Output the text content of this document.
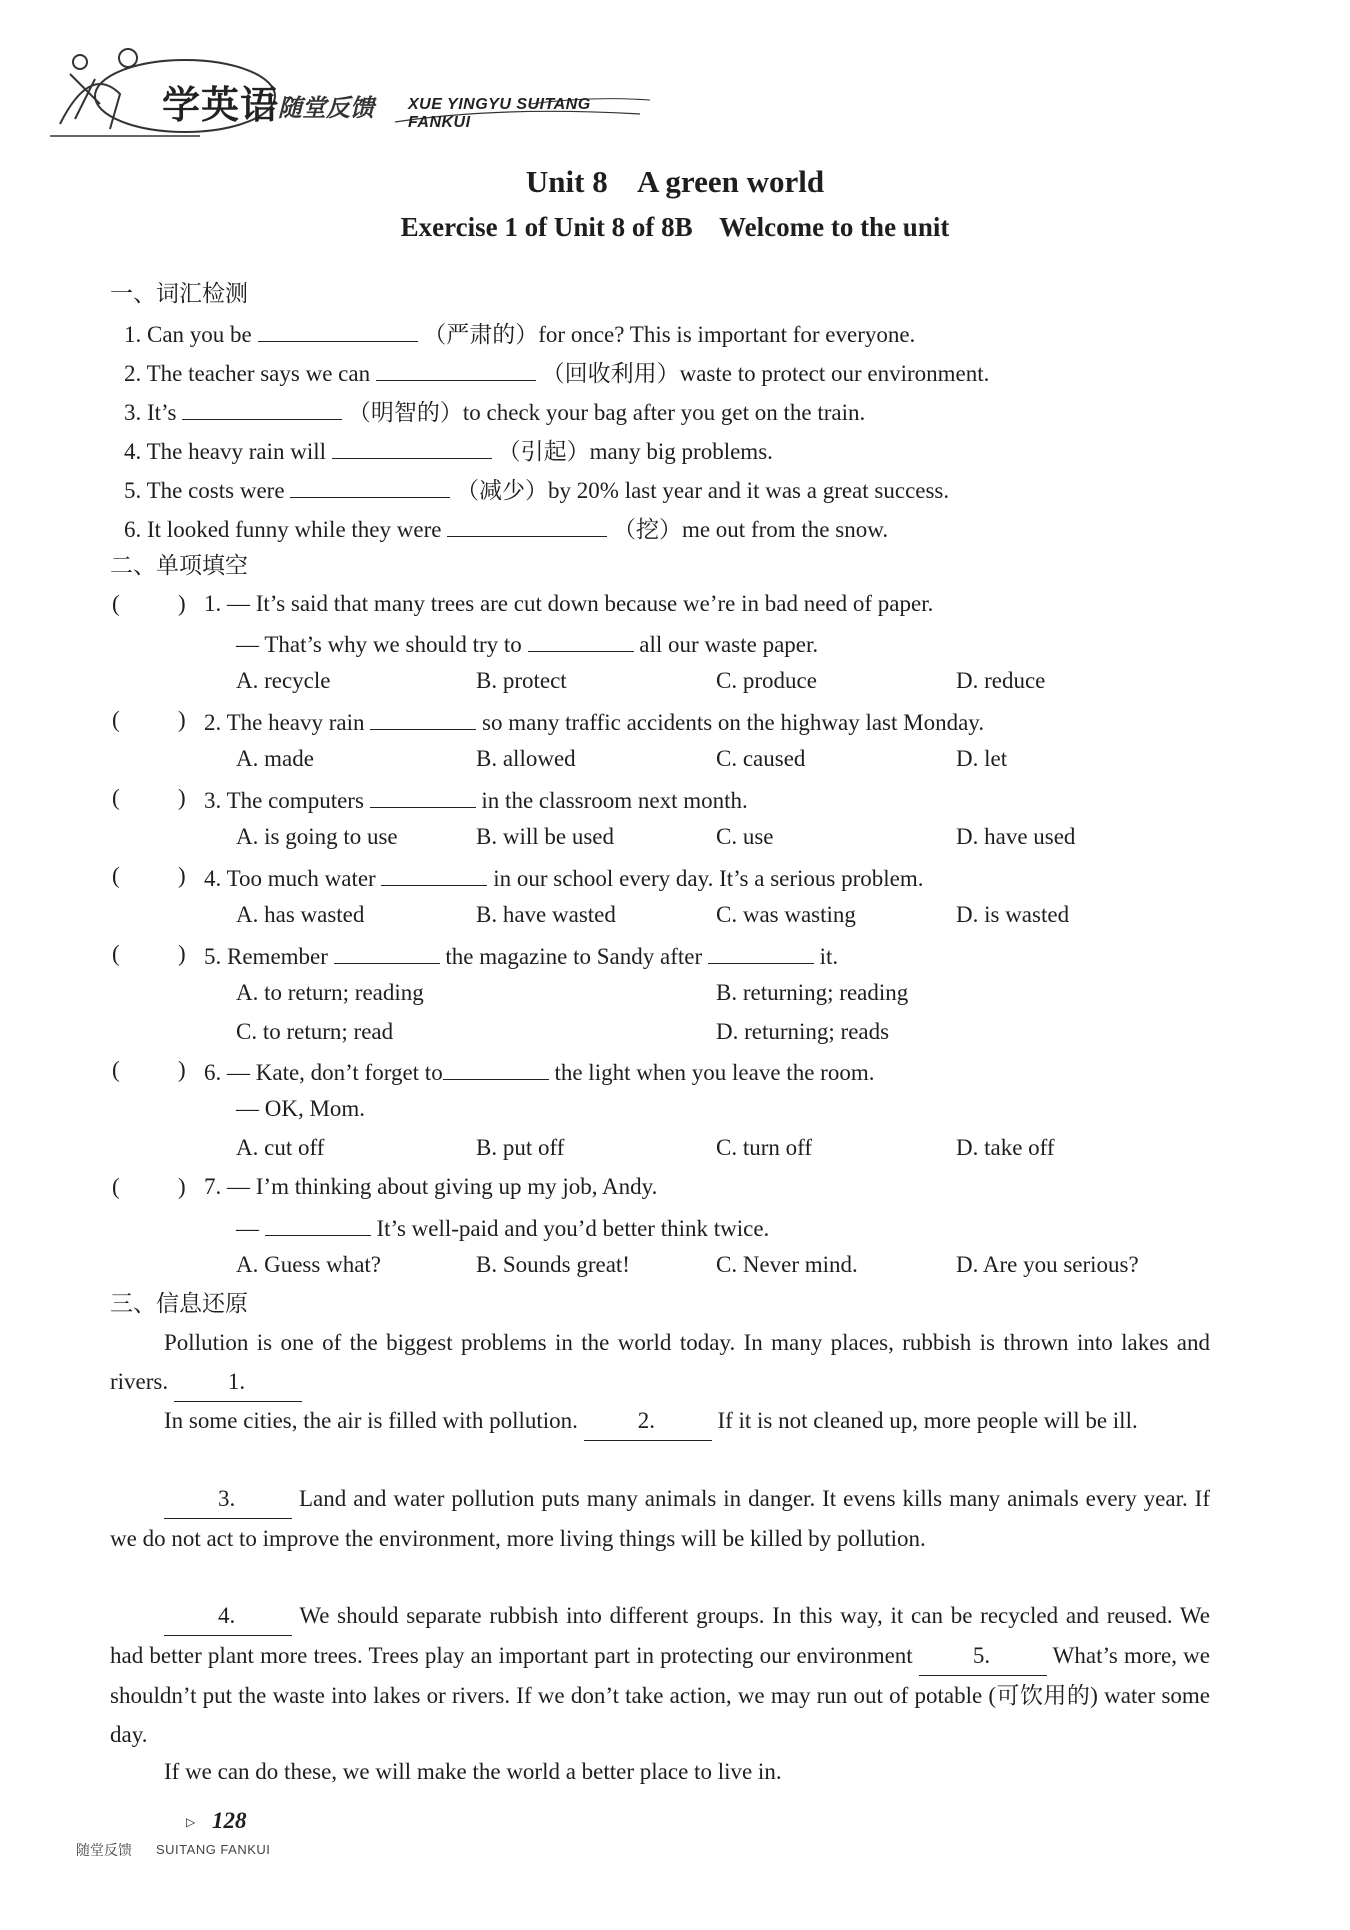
学英语
随堂反馈 XUE YINGYU SUITANG FANKUI
Unit 8    A green world
Exercise 1 of Unit 8 of 8B    Welcome to the unit
一、词汇检测
1. Can you be	（严肃的）for once? This is important for everyone.
2. The teacher says we can	（回收利用）waste to protect our environment.
3. It’s	（明智的）to check your bag after you get on the train.
4. The heavy rain will	（引起）many big problems.
5. The costs were	（减少）by 20% last year and it was a great success.
6. It looked funny while they were	（挖）me out from the snow.
二、单项填空
(	) 1. — It’s said that many trees are cut down because we’re in bad need of paper.
— That’s why we should try to	all our waste paper.
A. recycle	B. protect	C. produce	D. reduce
(	) 2. The heavy rain	so many traffic accidents on the highway last Monday.
A. made	B. allowed	C. caused	D. let
(	) 3. The computers	in the classroom next month.
A. is going to use	B. will be used	C. use	D. have used
(	) 4. Too much water	in our school every day. It’s a serious problem.
A. has wasted	B. have wasted	C. was wasting	D. is wasted
(	) 5. Remember	the magazine to Sandy after	it.
A. to return; reading	B. returning; reading
C. to return; read	D. returning; reads
(	) 6. — Kate, don’t forget to	the light when you leave the room.
— OK, Mom.
A. cut off	B. put off	C. turn off	D. take off
(	) 7. — I’m thinking about giving up my job, Andy.
—	It’s well-paid and you’d better think twice.
A. Guess what?	B. Sounds great!	C. Never mind.	D. Are you serious?
三、信息还原
Pollution is one of the biggest problems in the world today. In many places, rubbish is thrown into lakes and rivers.	1.
In some cities, the air is filled with pollution.	2.	If it is not cleaned up, more people will be ill.
3.	Land and water pollution puts many animals in danger. It evens kills many animals every year. If we do not act to improve the environment, more living things will be killed by pollution.
4.	We should separate rubbish into different groups. In this way, it can be recycled and reused. We had better plant more trees. Trees play an important part in protecting our environment	5.	What’s more, we shouldn’t put the waste into lakes or rivers. If we don’t take action, we may run out of potable (可饮用的) water some day.
If we can do these, we will make the world a better place to live in.
▷ 128
随堂反馈 SUITANG FANKUI
